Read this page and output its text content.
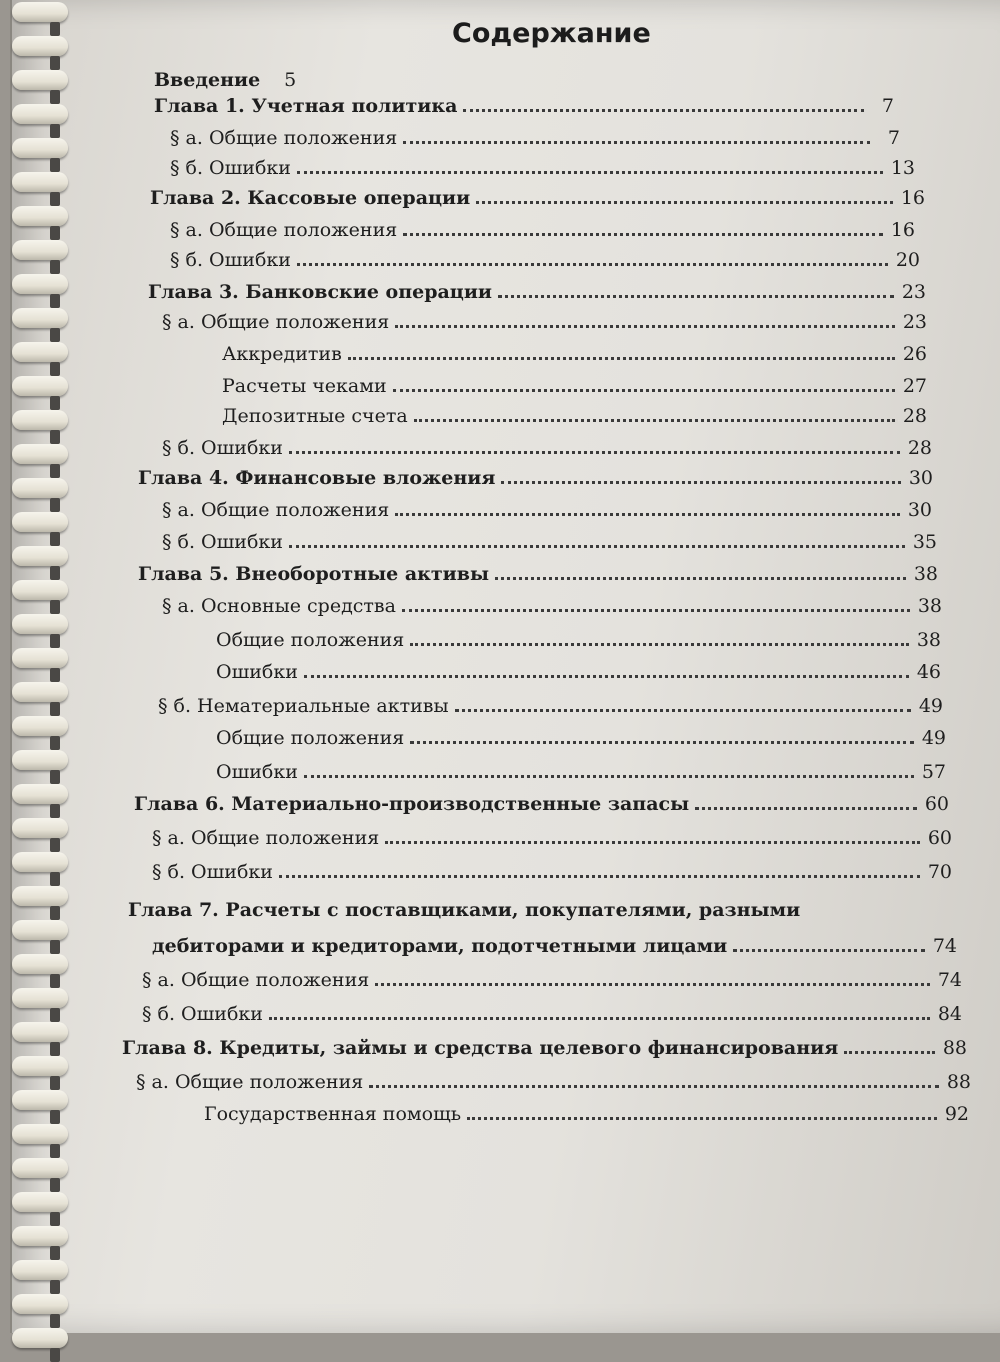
Содержание
Введение	5
Глава 1. Учетная политика	7
§ а. Общие положения	7
§ б. Ошибки	13
Глава 2. Кассовые операции	16
§ а. Общие положения	16
§ б. Ошибки	20
Глава 3. Банковские операции	23
§ а. Общие положения	23
Аккредитив	26
Расчеты чеками	27
Депозитные счета	28
§ б. Ошибки	28
Глава 4. Финансовые вложения	30
§ а. Общие положения	30
§ б. Ошибки	35
Глава 5. Внеоборотные активы	38
§ а. Основные средства	38
Общие положения	38
Ошибки	46
§ б. Нематериальные активы	49
Общие положения	49
Ошибки	57
Глава 6. Материально-производственные запасы	60
§ а. Общие положения	60
§ б. Ошибки	70
Глава 7. Расчеты с поставщиками, покупателями, разными
дебиторами и кредиторами, подотчетными лицами	74
§ а. Общие положения	74
§ б. Ошибки	84
Глава 8. Кредиты, займы и средства целевого финансирования	88
§ а. Общие положения	88
Государственная помощь	92
